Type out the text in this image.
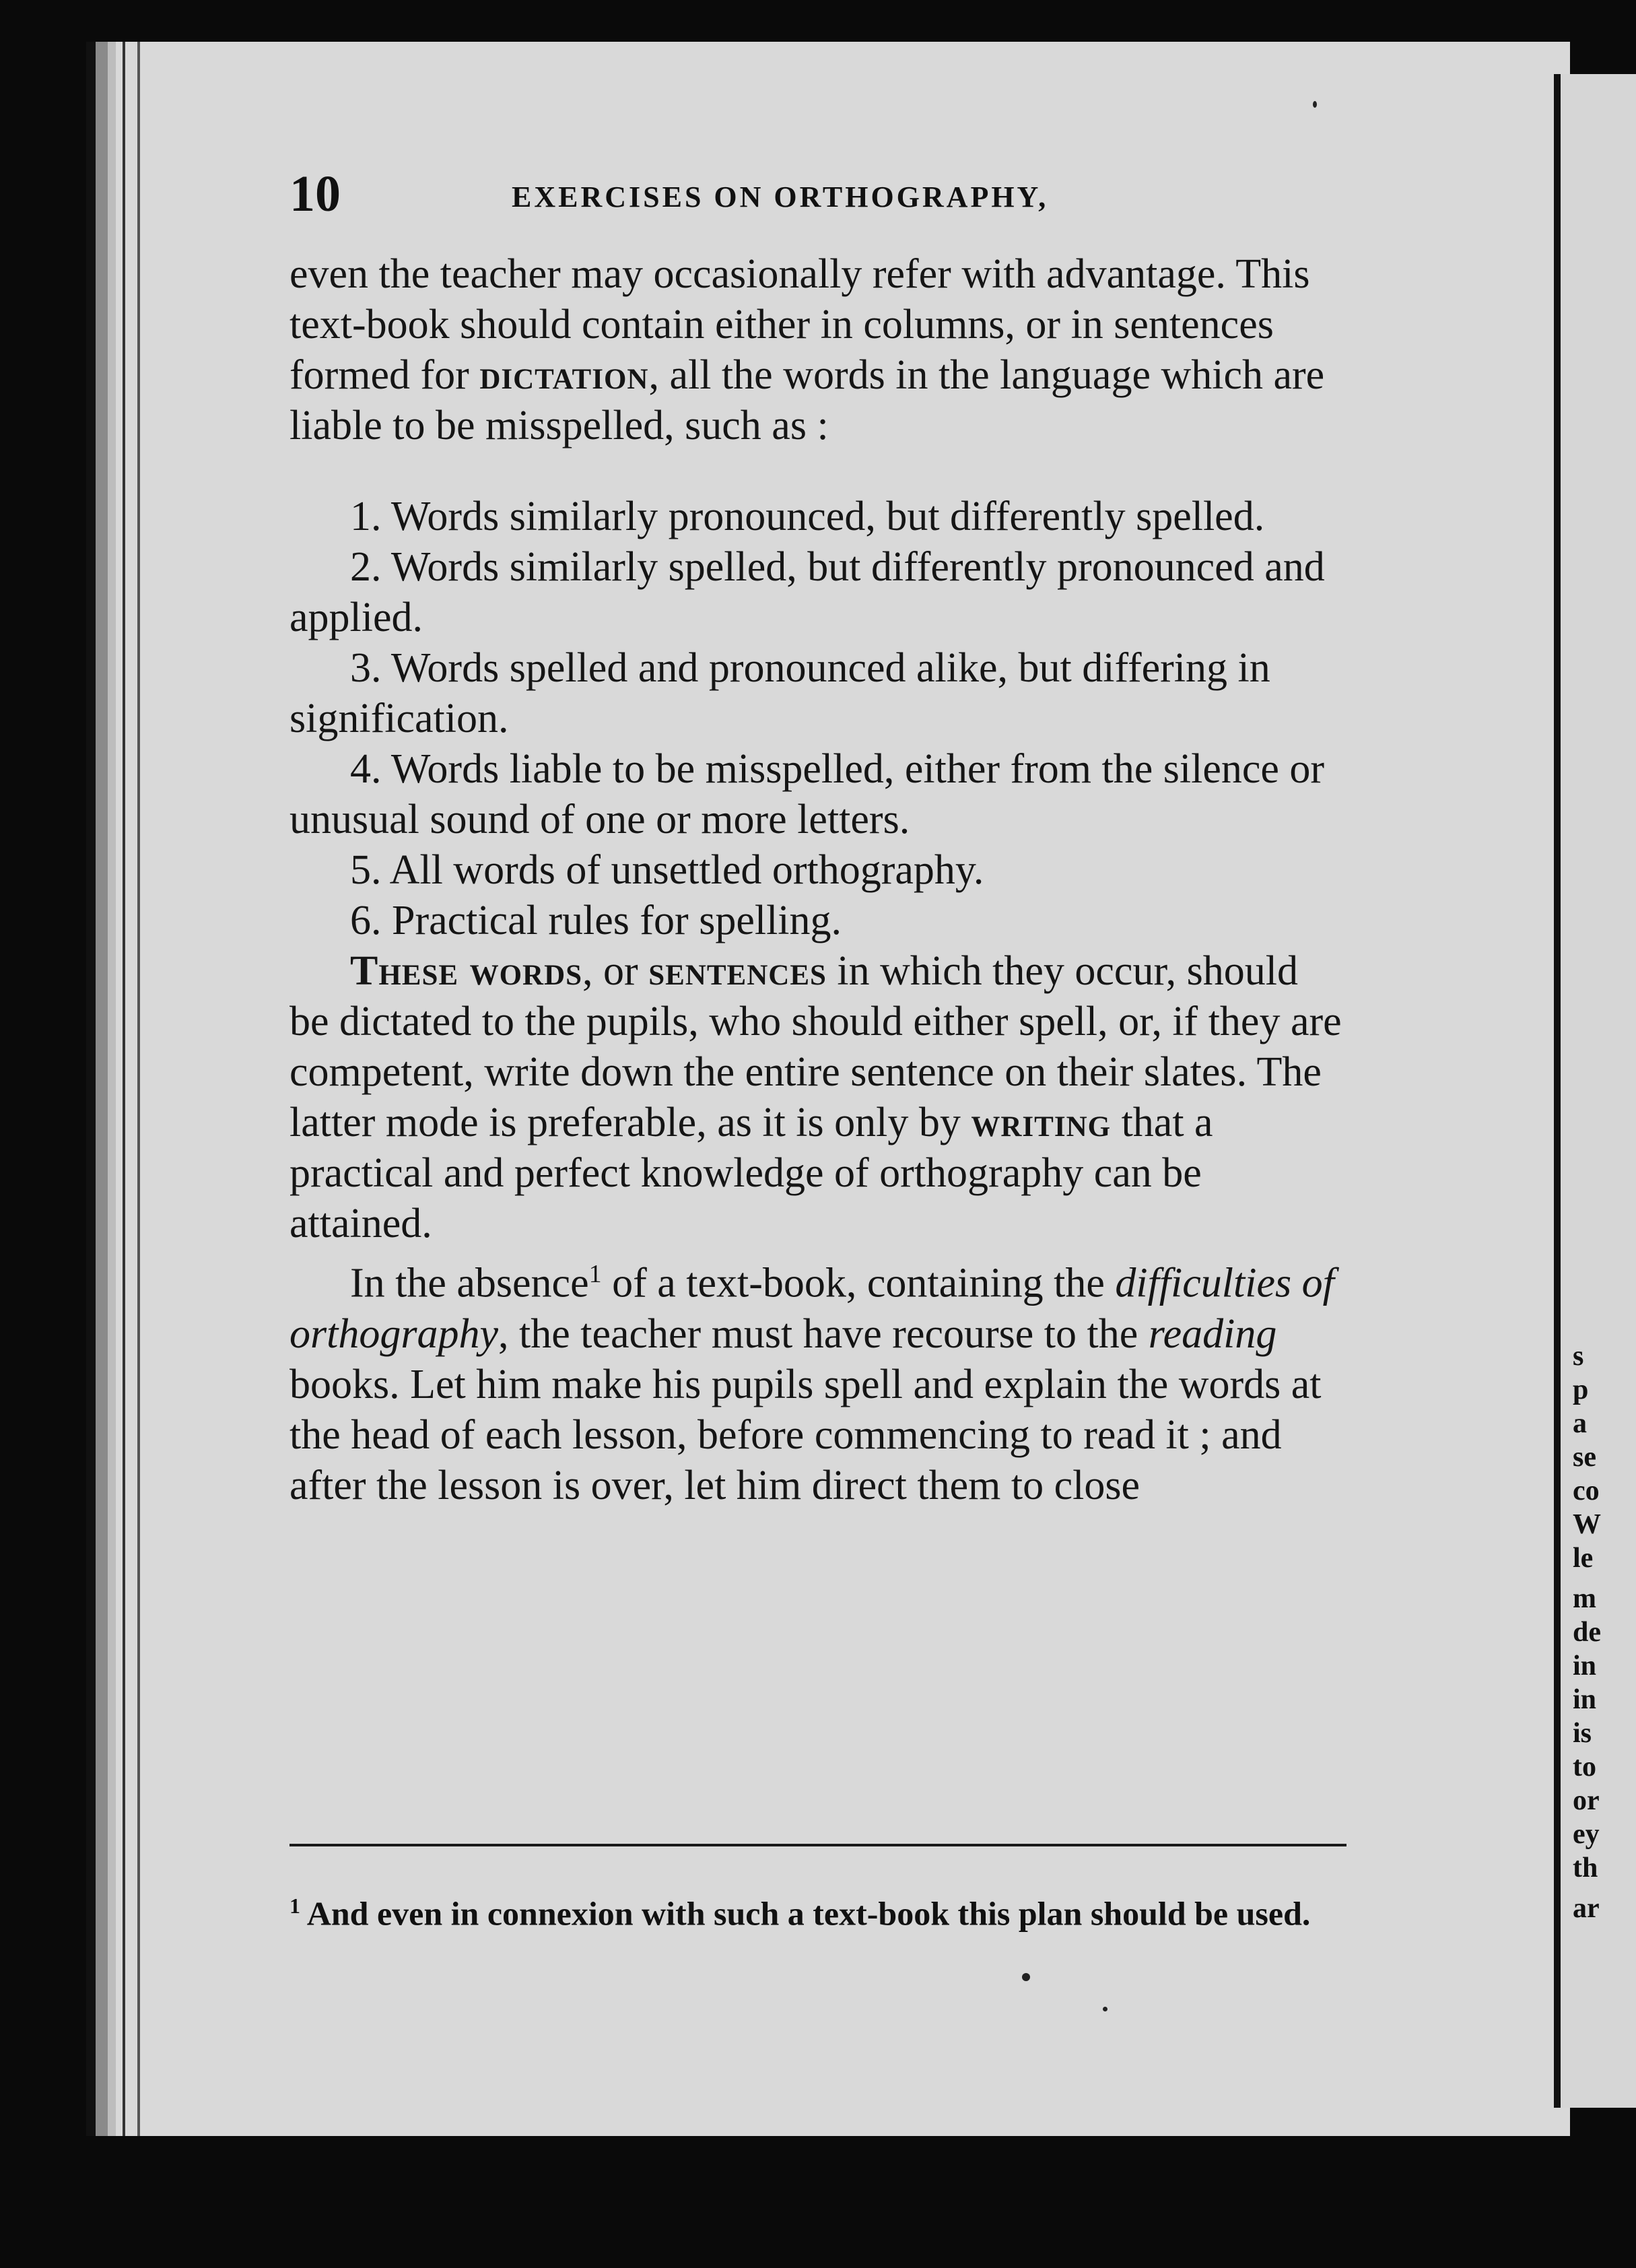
s
p
a
se
co
W
le
m
de
in
in
is
to
or
ey
th
ar
10	EXERCISES ON ORTHOGRAPHY,

even the teacher may occasionally refer with advantage. This text-book should contain either in columns, or in sentences formed for dictation, all the words in the language which are liable to be misspelled, such as :

1. Words similarly pronounced, but differently spelled.

2. Words similarly spelled, but differently pronounced and applied.

3. Words spelled and pronounced alike, but differing in signification.

4. Words liable to be misspelled, either from the silence or unusual sound of one or more letters.

5. All words of unsettled orthography.

6. Practical rules for spelling.

These words, or sentences in which they occur, should be dictated to the pupils, who should either spell, or, if they are competent, write down the entire sentence on their slates. The latter mode is preferable, as it is only by writing that a practical and perfect knowledge of orthography can be attained.

In the absence$^1$ of a text-book, containing the difficulties of orthography, the teacher must have recourse to the reading books. Let him make his pupils spell and explain the words at the head of each lesson, before commencing to read it ; and after the lesson is over, let him direct them to close

$^1$ And even in connexion with such a text-book this plan should be used.
